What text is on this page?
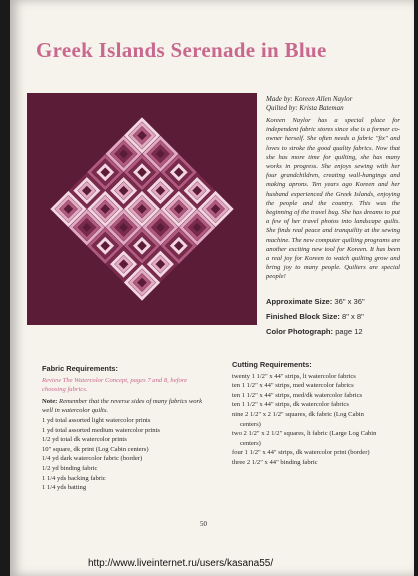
Greek Islands Serenade in Blue
Made by: Koreen Allen Naylor
Quilted by: Krista Bateman
Koreen Naylor has a special place for independent fabric stores since she is a former co-owner herself. She often needs a fabric "fix" and loves to stroke the good quality fabrics. Now that she has more time for quilting, she has many works in progress. She enjoys sewing with her four grandchildren, creating wall-hangings and making aprons. Ten years ago Koreen and her husband experienced the Greek Islands, enjoying the people and the country. This was the beginning of the travel bug. She has dreams to put a few of her travel photos into landscape quilts. She finds real peace and tranquility at the sewing machine. The new computer quilting programs are another exciting new tool for Koreen. It has been a real joy for Koreen to watch quilting grow and bring joy to many people. Quilters are special people!
Approximate Size: 36" x 36"
Finished Block Size: 8" x 8"
Color Photograph: page 12
Fabric Requirements:
Review The Watercolor Concept, pages 7 and 8, before choosing fabrics.
Note: Remember that the reverse sides of many fabrics work well in watercolor quilts.
1 yd total assorted light watercolor prints
1 yd total assorted medium watercolor prints
1/2 yd total dk watercolor prints
10" square, dk print (Log Cabin centers)
1/4 yd dark watercolor fabric (border)
1/2 yd binding fabric
1 1/4 yds backing fabric
1 1/4 yds batting
Cutting Requirements:
twenty 1 1/2" x 44" strips, lt watercolor fabrics
ten 1 1/2" x 44" strips, med watercolor fabrics
ten 1 1/2" x 44" strips, med/dk watercolor fabrics
ten 1 1/2" x 44" strips, dk watercolor fabrics
nine 2 1/2" x 2 1/2" squares, dk fabric (Log Cabin
centers)
two 2 1/2" x 2 1/2" squares, lt fabric (Large Log Cabin
centers)
four 1 1/2" x 44" strips, dk watercolor print (border)
three 2 1/2" x 44" binding fabric
50
http://www.liveinternet.ru/users/kasana55/
